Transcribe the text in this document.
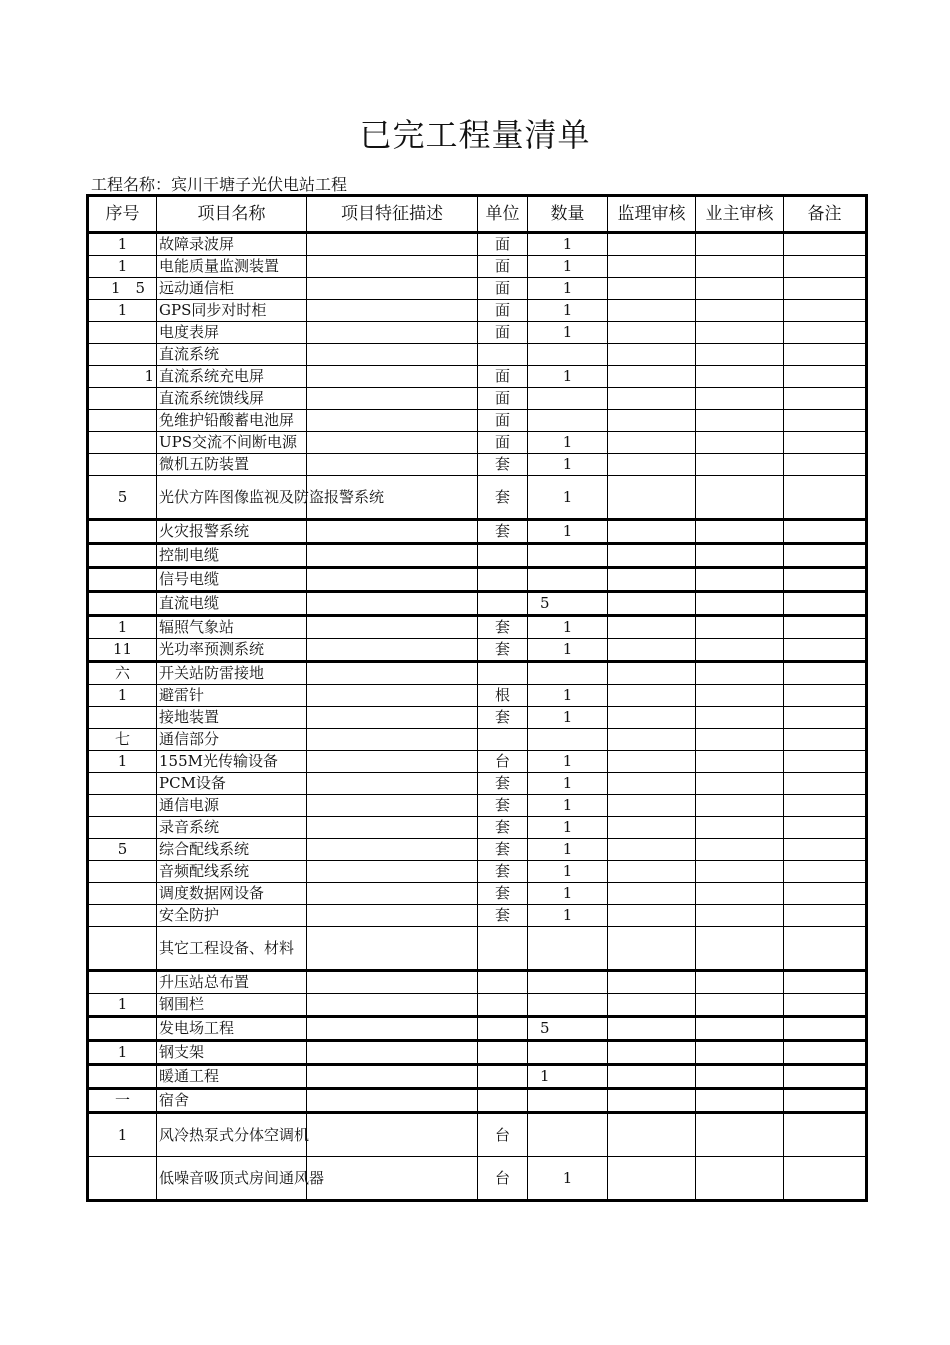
已完工程量清单
工程名称：宾川干塘子光伏电站工程
序号	项目名称	项目特征描述	单位	数量	监理审核	业主审核	备注
1	故障录波屏		面	1			
1	电能质量监测装置		面	1			
1　5	远动通信柜		面	1			
1	GPS同步对时柜		面	1			
	电度表屏		面	1			
	直流系统						
1	直流系统充电屏		面	1			
	直流系统馈线屏		面				
	免维护铅酸蓄电池屏		面				
	UPS交流不间断电源		面	1			
	微机五防装置		套	1			
5	光伏方阵图像监视及防盗报警系统		套	1			
	火灾报警系统		套	1			
	控制电缆						
	信号电缆						
	直流电缆			5			
1	辐照气象站		套	1			
11	光功率预测系统		套	1			
六	开关站防雷接地						
1	避雷针		根	1			
	接地装置		套	1			
七	通信部分						
1	155M光传输设备		台	1			
	PCM设备		套	1			
	通信电源		套	1			
	录音系统		套	1			
5	综合配线系统		套	1			
	音频配线系统		套	1			
	调度数据网设备		套	1			
	安全防护		套	1			
	其它工程设备、材料						
	升压站总布置						
1	钢围栏						
	发电场工程			5			
1	钢支架						
	暖通工程			1			
一	宿舍						
1	风冷热泵式分体空调机		台				
	低噪音吸顶式房间通风器		台	1			
